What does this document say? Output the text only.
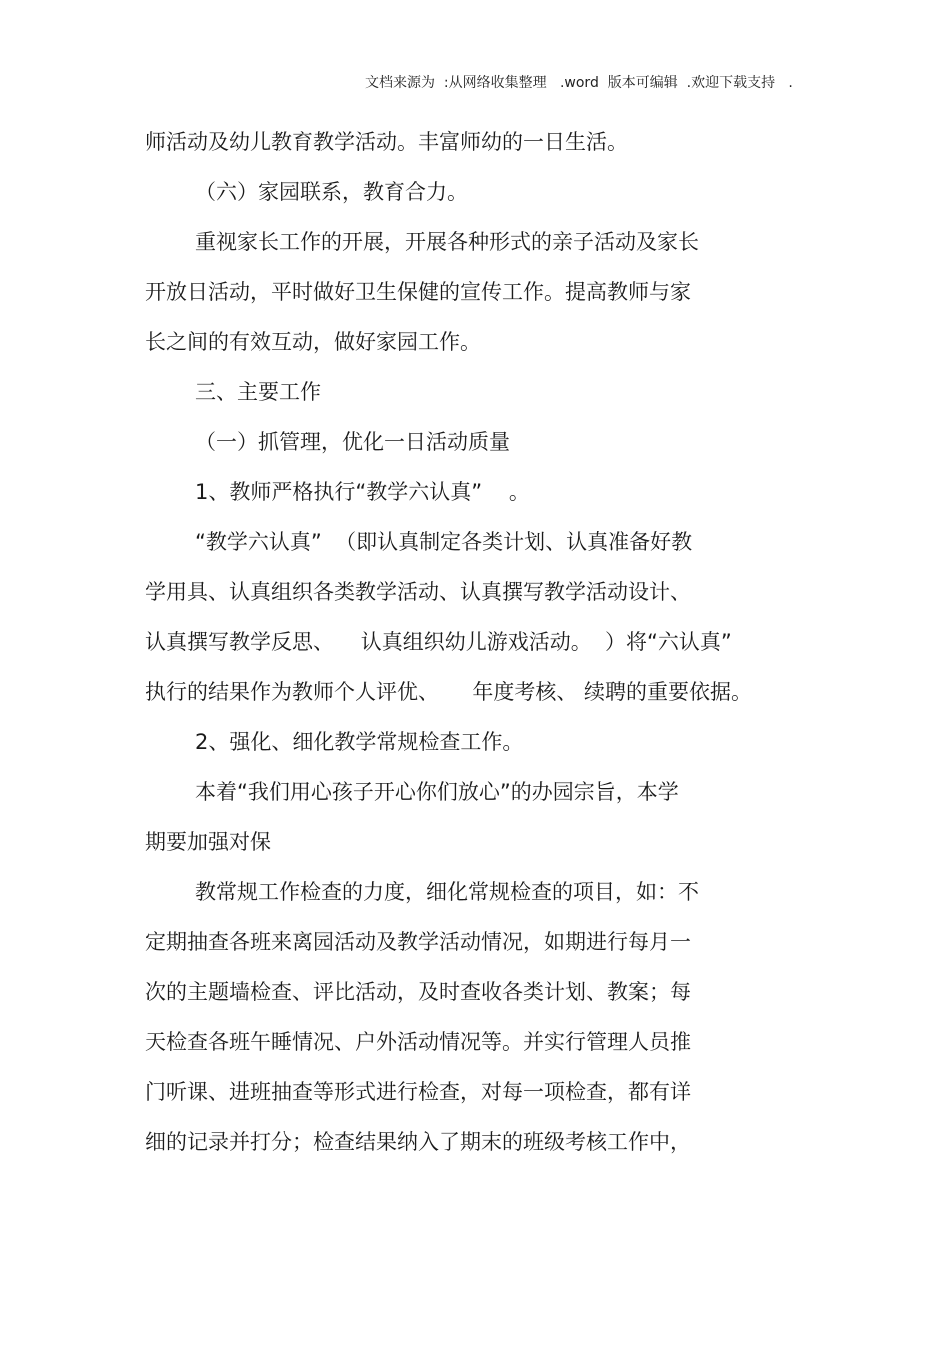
文档来源为  :从网络收集整理   .word  版本可编辑  .欢迎下载支持   .
师活动及幼儿教育教学活动。丰富师幼的一日生活。
（六）家园联系，教育合力。
重视家长工作的开展，开展各种形式的亲子活动及家长
开放日活动，平时做好卫生保健的宣传工作。提高教师与家
长之间的有效互动，做好家园工作。
三、主要工作
（一）抓管理，优化一日活动质量
1、教师严格执行“教学六认真”    。
“教学六认真”  （即认真制定各类计划、认真准备好教
学用具、认真组织各类教学活动、认真撰写教学活动设计、
认真撰写教学反思、    认真组织幼儿游戏活动。  ）将“六认真”
执行的结果作为教师个人评优、     年度考核、 续聘的重要依据。
2、强化、细化教学常规检查工作。
本着“我们用心孩子开心你们放心”的办园宗旨，本学
期要加强对保
教常规工作检查的力度，细化常规检查的项目，如：不
定期抽查各班来离园活动及教学活动情况，如期进行每月一
次的主题墙检查、评比活动，及时查收各类计划、教案；每
天检查各班午睡情况、户外活动情况等。并实行管理人员推
门听课、进班抽查等形式进行检查，对每一项检查，都有详
细的记录并打分；检查结果纳入了期末的班级考核工作中，
